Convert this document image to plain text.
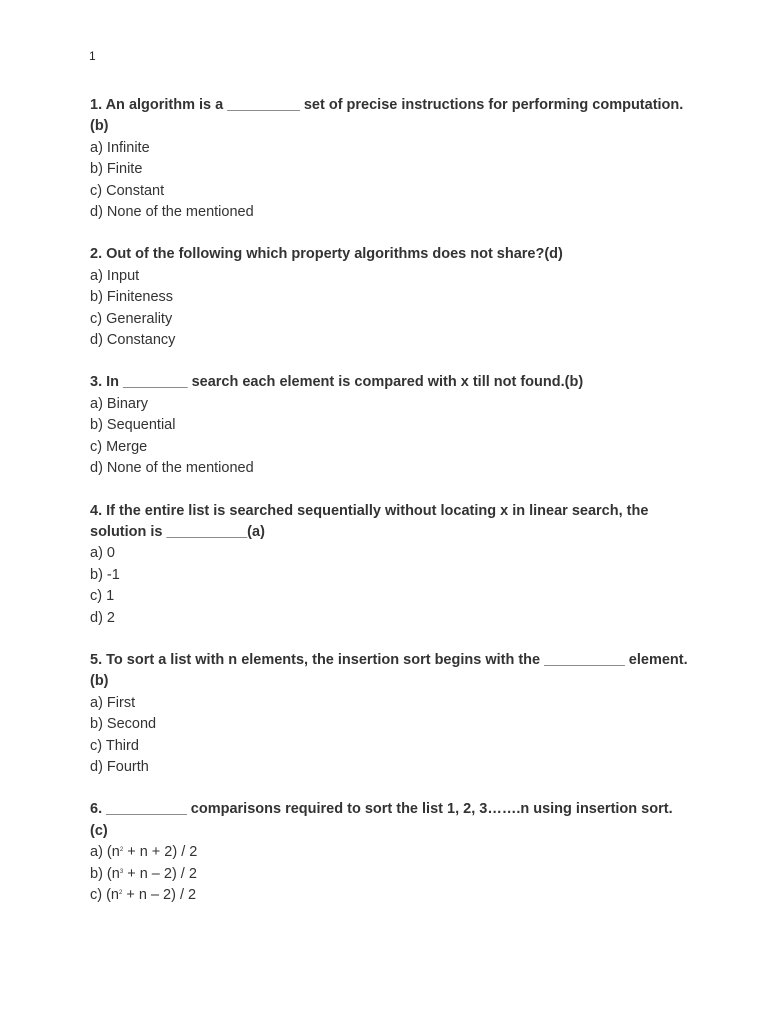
1
1. An algorithm is a _________ set of precise instructions for performing computation.(b)
a) Infinite
b) Finite
c) Constant
d) None of the mentioned
2. Out of the following which property algorithms does not share?(d)
a) Input
b) Finiteness
c) Generality
d) Constancy
3. In ________ search each element is compared with x till not found.(b)
a) Binary
b) Sequential
c) Merge
d) None of the mentioned
4. If the entire list is searched sequentially without locating x in linear search, the solution is __________(a)
a) 0
b) -1
c) 1
d) 2
5. To sort a list with n elements, the insertion sort begins with the __________ element.(b)
a) First
b) Second
c) Third
d) Fourth
6. __________ comparisons required to sort the list 1, 2, 3…….n using insertion sort.
(c)
a) $(n^2 + n + 2) / 2$
b) $(n^3 + n - 2) / 2$
c) $(n^2 + n - 2) / 2$
